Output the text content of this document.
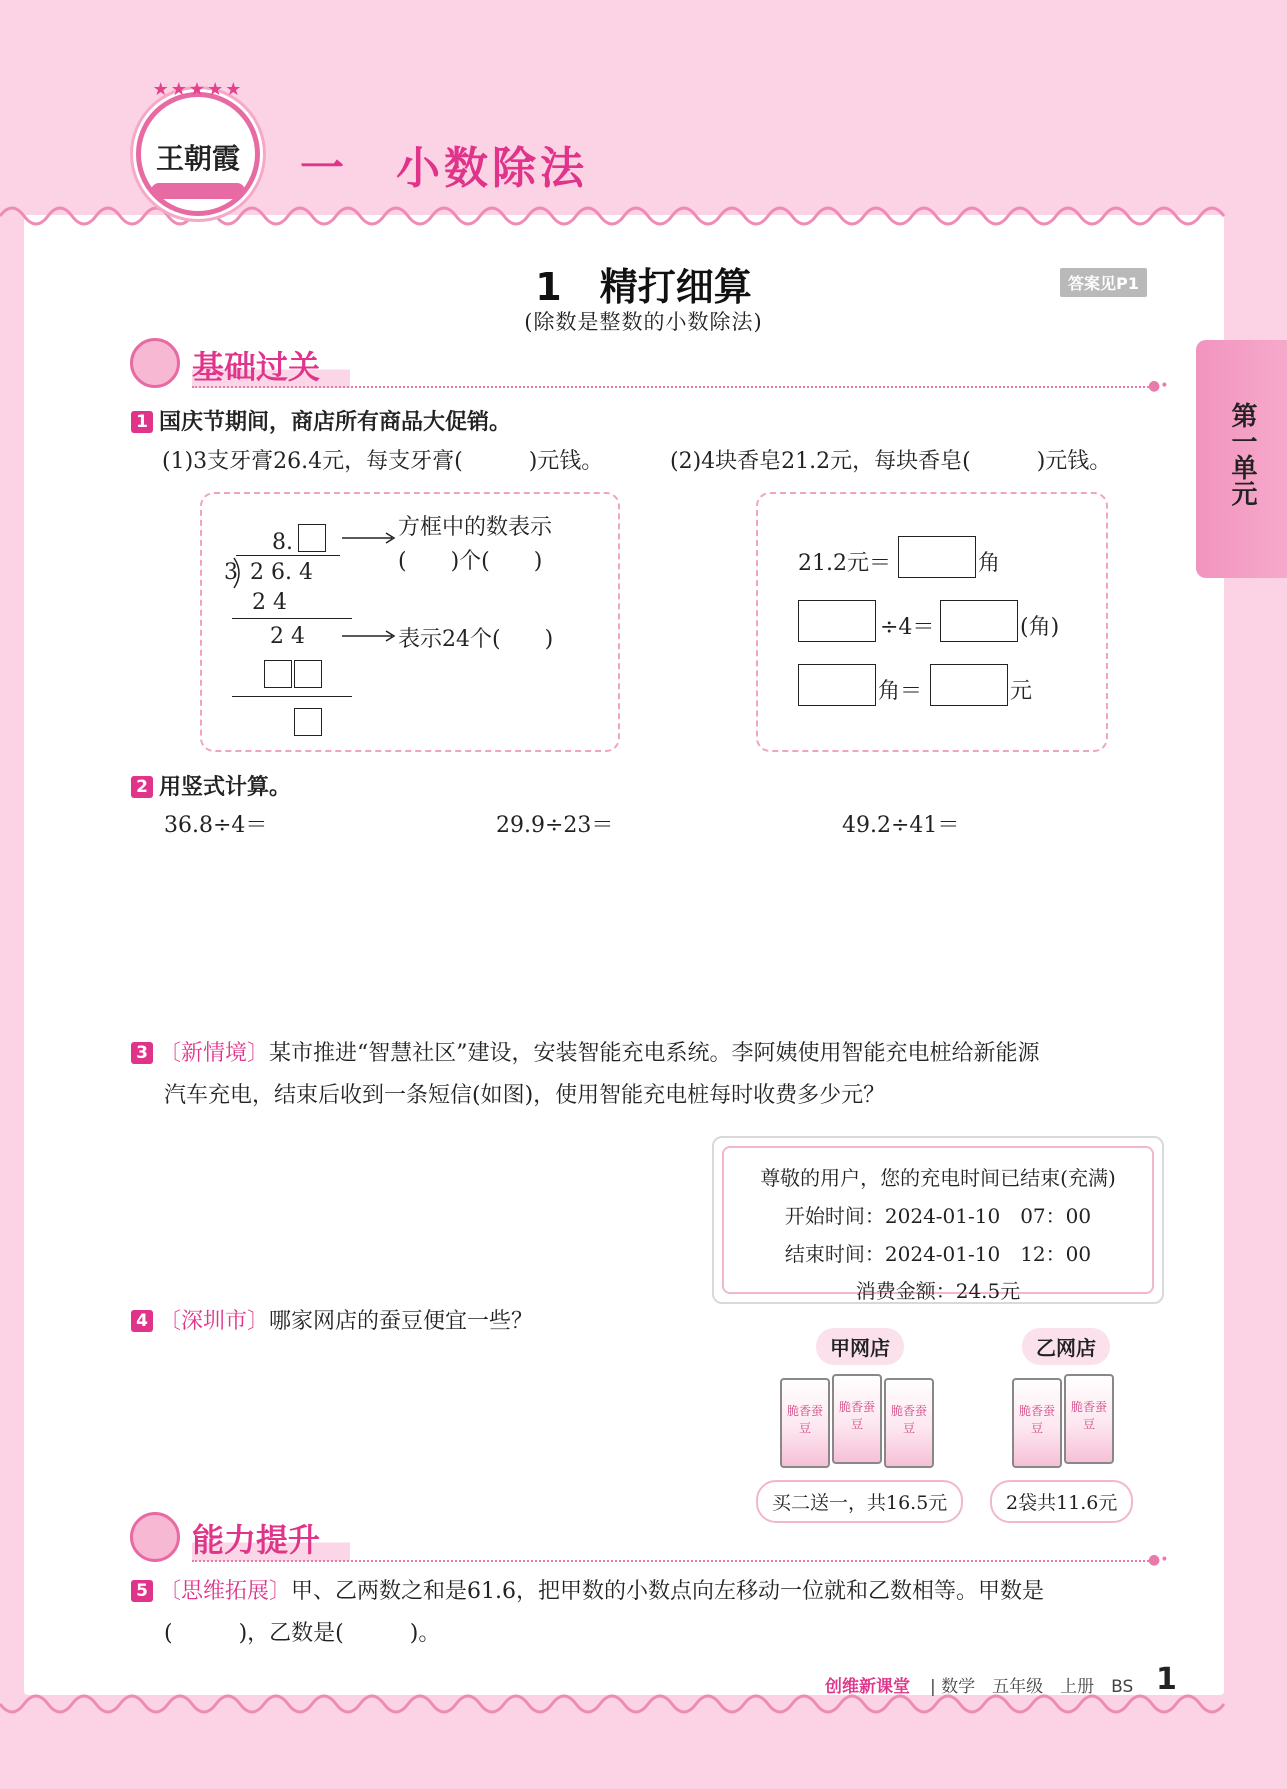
★★★★★
王朝霞	一　小数除法
1　精打细算
(除数是整数的小数除法)
答案见P1
第一单元
基础过关	●•
1 国庆节期间，商店所有商品大促销。
(1)3支牙膏26.4元，每支牙膏(　　　)元钱。	(2)4块香皂21.2元，每块香皂(　　　)元钱。
8.
3 2 6. 4
2 4
2 4
方框中的数表示
(　　)个(　　)
表示24个(　　)
21.2元＝	角
÷4＝	(角)
角＝	元
2 用竖式计算。
36.8÷4＝	29.9÷23＝	49.2÷41＝
3 〔新情境〕某市推进“智慧社区”建设，安装智能充电系统。李阿姨使用智能充电桩给新能源
汽车充电，结束后收到一条短信(如图)，使用智能充电桩每时收费多少元？

尊敬的用户，您的充电时间已结束(充满)

开始时间：2024-01-10　07：00

结束时间：2024-01-10　12：00

消费金额：24.5元

4 〔深圳市〕哪家网店的蚕豆便宜一些？
甲网店	乙网店
脆香蚕豆
脆香蚕豆
脆香蚕豆
脆香蚕豆
脆香蚕豆
买二送一，共16.5元	2袋共11.6元
能力提升
●•
5 〔思维拓展〕甲、乙两数之和是61.6，把甲数的小数点向左移动一位就和乙数相等。甲数是
(　　　)，乙数是(　　　)。
创维新课堂 | 数学　五年级　上册　BS 1
